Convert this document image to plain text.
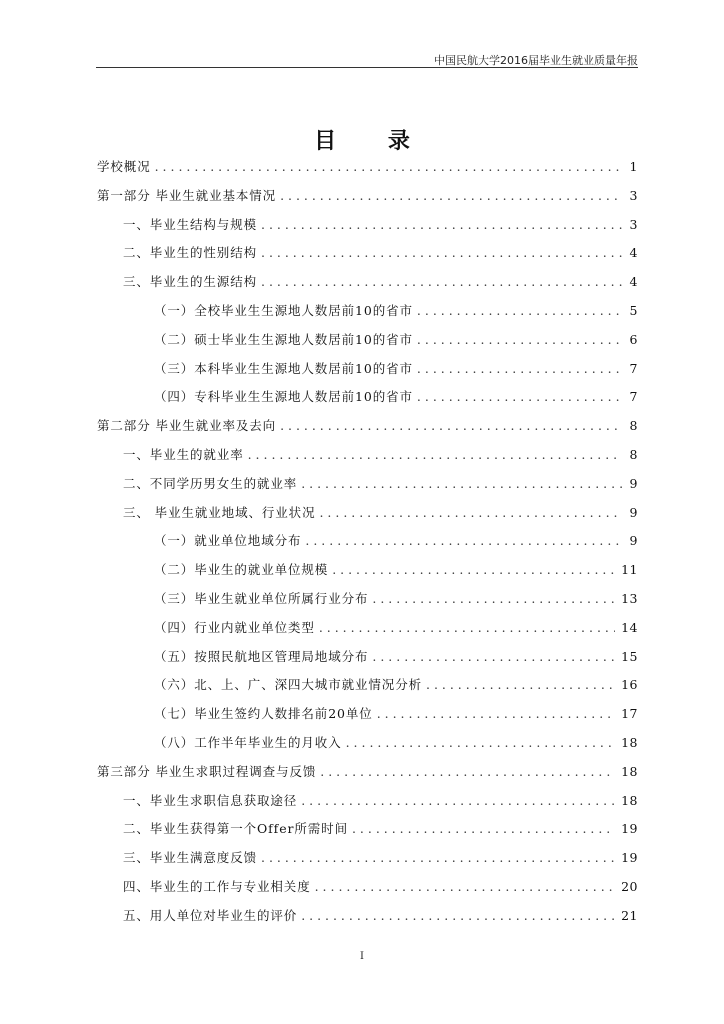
中国民航大学2016届毕业生就业质量年报
目 录
学校概况 . . .	1
第一部分 毕业生就业基本情况 . . .	3
一、毕业生结构与规模 . . .	3
二、毕业生的性别结构 . . .	4
三、毕业生的生源结构 . . .	4
（一）全校毕业生生源地人数居前10的省市 . . .	5
（二）硕士毕业生生源地人数居前10的省市 . . .	6
（三）本科毕业生生源地人数居前10的省市 . . .	7
（四）专科毕业生生源地人数居前10的省市 . . .	7
第二部分 毕业生就业率及去向 . . .	8
一、毕业生的就业率 . . .	8
二、不同学历男女生的就业率 . . .	9
三、 毕业生就业地域、行业状况 . . .	9
（一）就业单位地域分布 . . .	9
（二）毕业生的就业单位规模 . . .	11
（三）毕业生就业单位所属行业分布 . . .	13
（四）行业内就业单位类型 . . .	14
（五）按照民航地区管理局地域分布 . . .	15
（六）北、上、广、深四大城市就业情况分析 . . .	16
（七）毕业生签约人数排名前20单位 . . .	17
（八）工作半年毕业生的月收入 . . .	18
第三部分 毕业生求职过程调查与反馈 . . .	18
一、毕业生求职信息获取途径 . . .	18
二、毕业生获得第一个Offer所需时间 . . .	19
三、毕业生满意度反馈 . . .	19
四、毕业生的工作与专业相关度 . . .	20
五、用人单位对毕业生的评价 . . .	21
I
